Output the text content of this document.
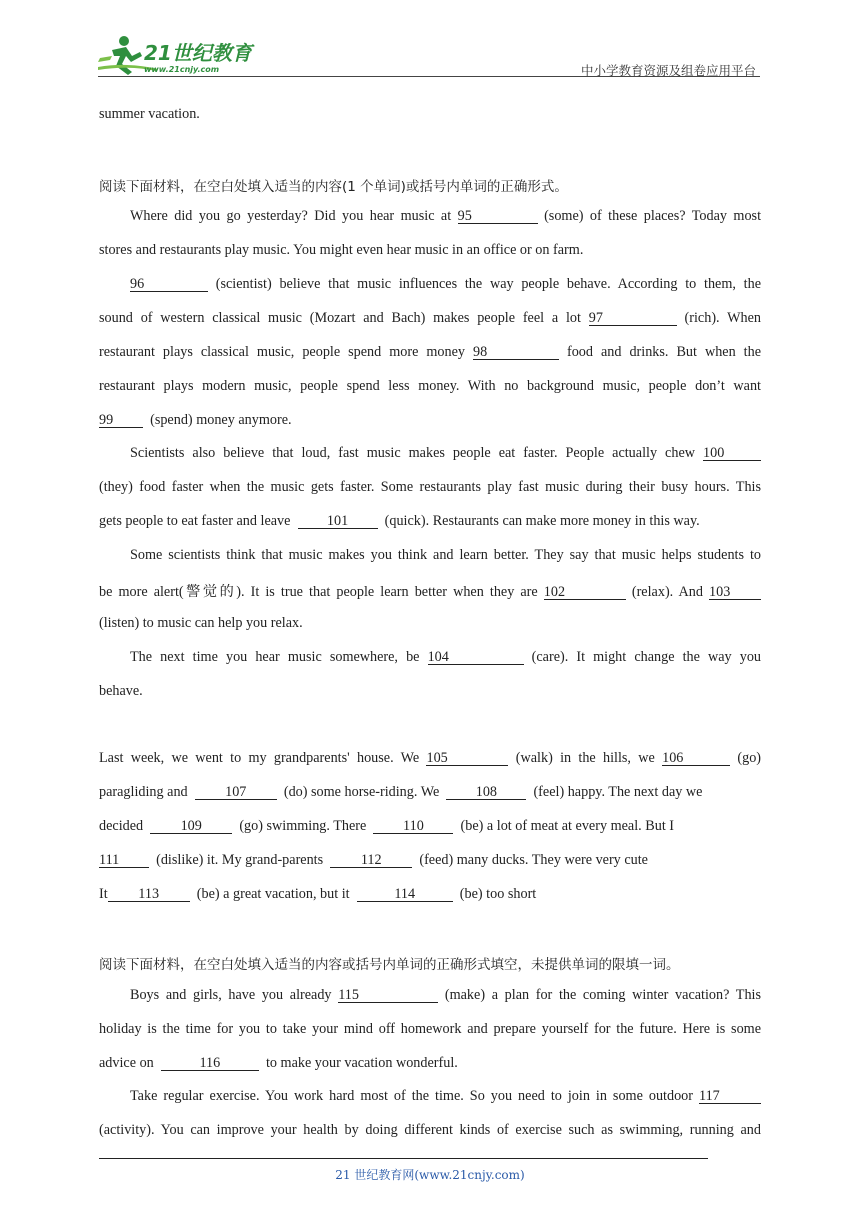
21世纪教育
www.21cnjy.com	中小学教育资源及组卷应用平台
summer vacation.
阅读下面材料，在空白处填入适当的内容(1 个单词)或括号内单词的正确形式。
Where did you go yesterday? Did you hear music at 95	(some) of these places? Today most
stores and restaurants play music. You might even hear music in an office or on farm.
96	(scientist) believe that music influences the way people behave. According to them, the
sound of western classical music (Mozart and Bach) makes people feel a lot 97	(rich). When
restaurant plays classical music, people spend more money 98	food and drinks. But when the
restaurant plays modern music, people spend less money. With no background music, people don’t want
99	(spend) money anymore.
Scientists also believe that loud, fast music makes people eat faster. People actually chew 100
(they) food faster when the music gets faster. Some restaurants play fast music during their busy hours. This
gets people to eat faster and leave	101	(quick). Restaurants can make more money in this way.
Some scientists think that music makes you think and learn better. They say that music helps students to
be more alert(警觉的). It is true that people learn better when they are 102	(relax). And 103
(listen) to music can help you relax.
The next time you hear music somewhere, be 104	(care). It might change the way you
behave.
Last week, we went to my grandparents' house. We 105	(walk) in the hills, we 106	(go)
paragliding and	107	(do) some horse-riding. We	108	(feel) happy. The next day we
decided	109	(go) swimming. There	110	(be) a lot of meat at every meal. But I
111	(dislike) it. My grand-parents	112	(feed) many ducks. They were very cute
It 113	(be) a great vacation, but it	114	(be) too short
阅读下面材料，在空白处填入适当的内容或括号内单词的正确形式填空，未提供单词的限填一词。
Boys and girls, have you already 115	(make) a plan for the coming winter vacation? This
holiday is the time for you to take your mind off homework and prepare yourself for the future. Here is some
advice on	116	to make your vacation wonderful.
Take regular exercise. You work hard most of the time. So you need to join in some outdoor 117
(activity). You can improve your health by doing different kinds of exercise such as swimming, running and
21 世纪教育网(www.21cnjy.com)
